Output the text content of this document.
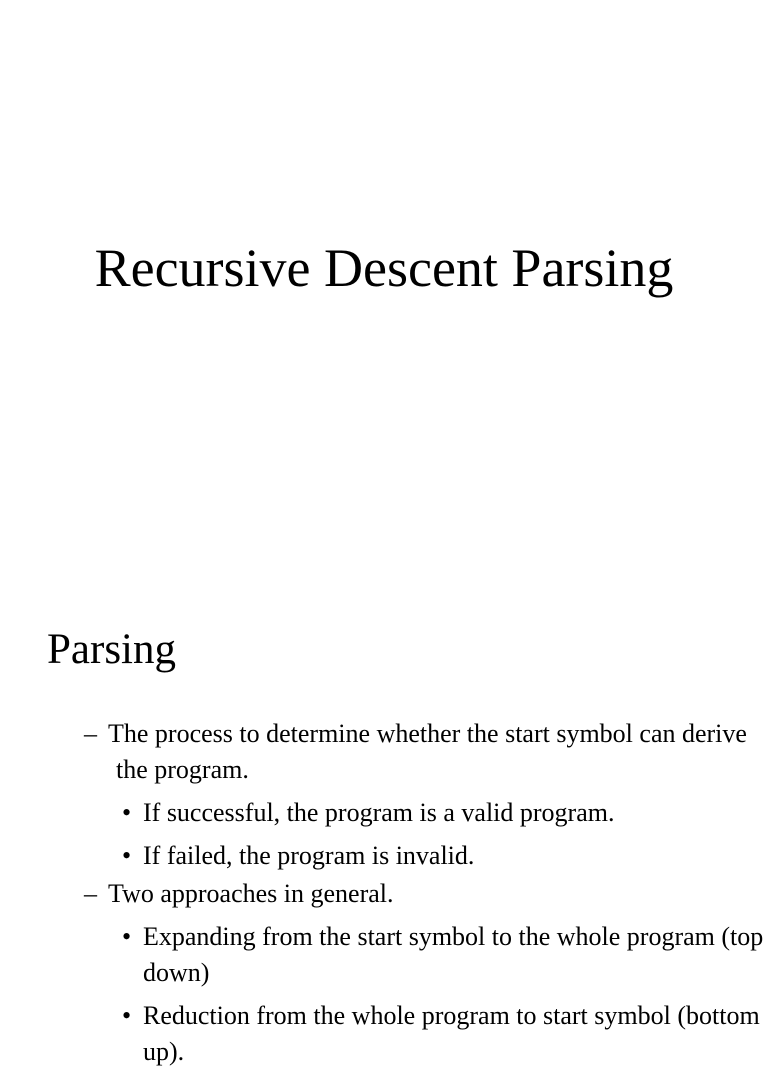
Recursive Descent Parsing
Parsing
– The process to determine whether the start symbol can derive the program.
• If successful, the program is a valid program.
• If failed, the program is invalid.
– Two approaches in general.
• Expanding from the start symbol to the whole program (top down)
• Reduction from the whole program to start symbol (bottom up).
